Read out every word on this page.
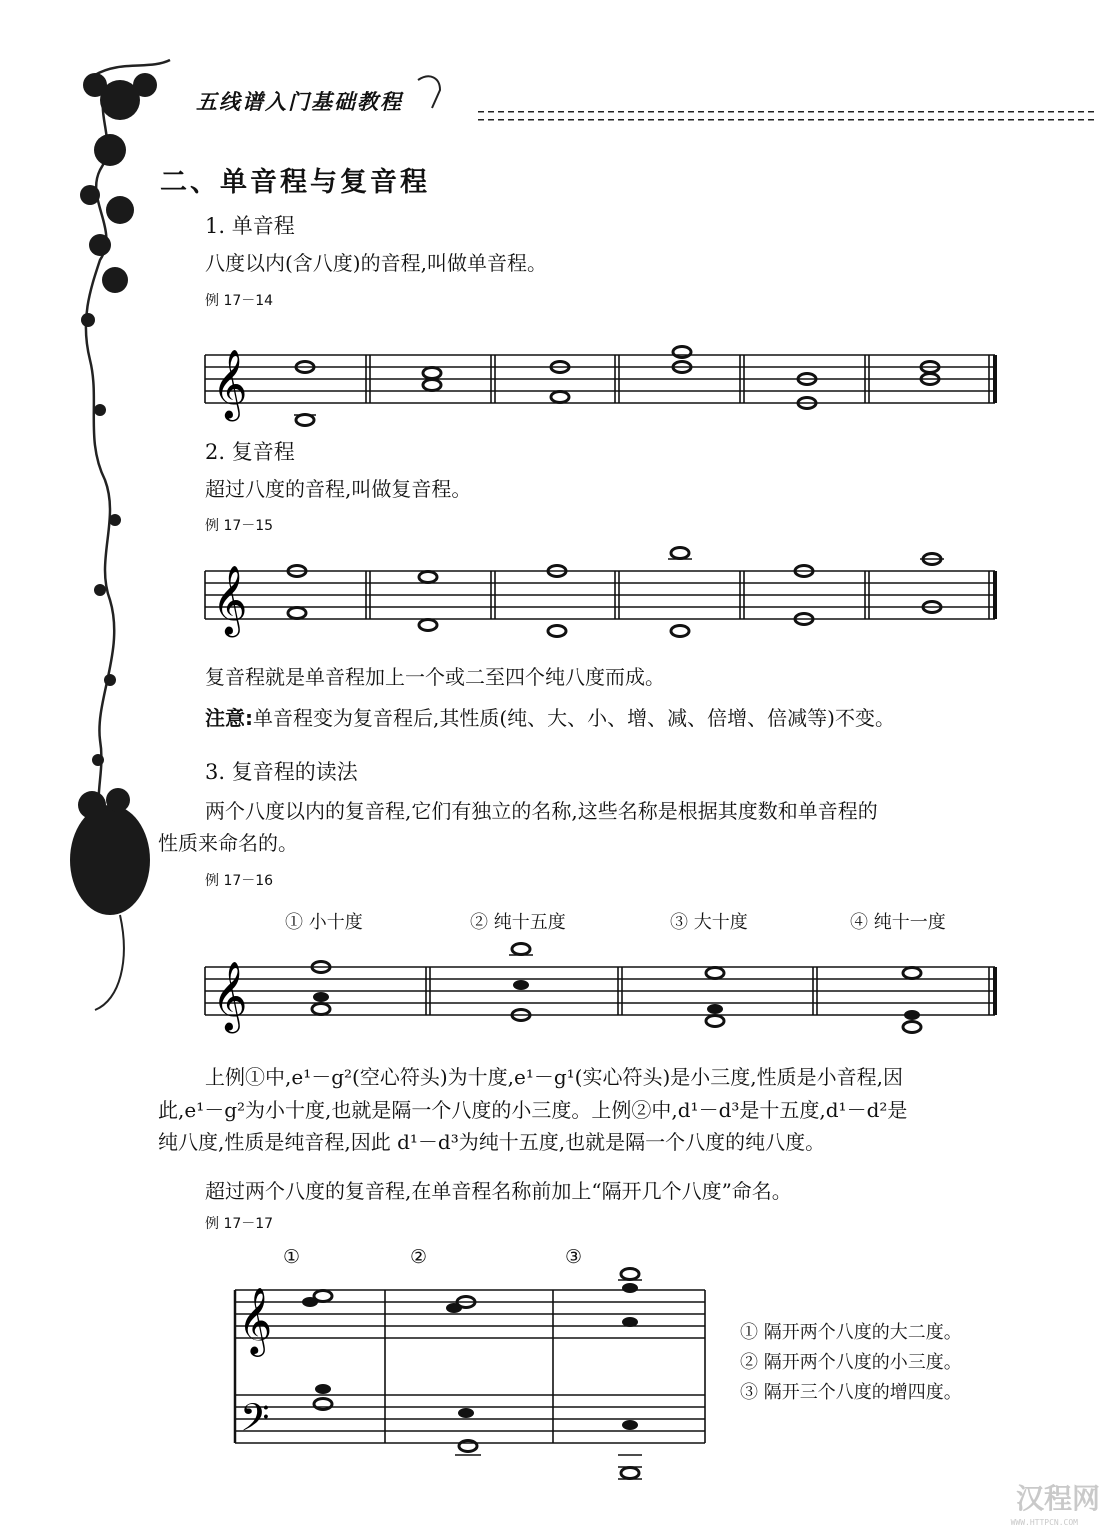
五线谱入门基础教程
二、单音程与复音程
1. 单音程
八度以内(含八度)的音程,叫做单音程。
例 17－14
𝄞
2. 复音程
超过八度的音程,叫做复音程。
例 17－15
𝄞
复音程就是单音程加上一个或二至四个纯八度而成。
注意:单音程变为复音程后,其性质(纯、大、小、增、减、倍增、倍减等)不变。
3. 复音程的读法
两个八度以内的复音程,它们有独立的名称,这些名称是根据其度数和单音程的
性质来命名的。
例 17－16
① 小十度	② 纯十五度	③ 大十度	④ 纯十一度
𝄞
上例①中,e¹－g²(空心符头)为十度,e¹－g¹(实心符头)是小三度,性质是小音程,因
此,e¹－g²为小十度,也就是隔一个八度的小三度。上例②中,d¹－d³是十五度,d¹－d²是
纯八度,性质是纯音程,因此 d¹－d³为纯十五度,也就是隔一个八度的纯八度。
超过两个八度的复音程,在单音程名称前加上“隔开几个八度”命名。
例 17－17
①	②	③
𝄞
𝄢
① 隔开两个八度的大二度。
② 隔开两个八度的小三度。
③ 隔开三个八度的增四度。
汉程网
WWW.HTTPCN.COM
